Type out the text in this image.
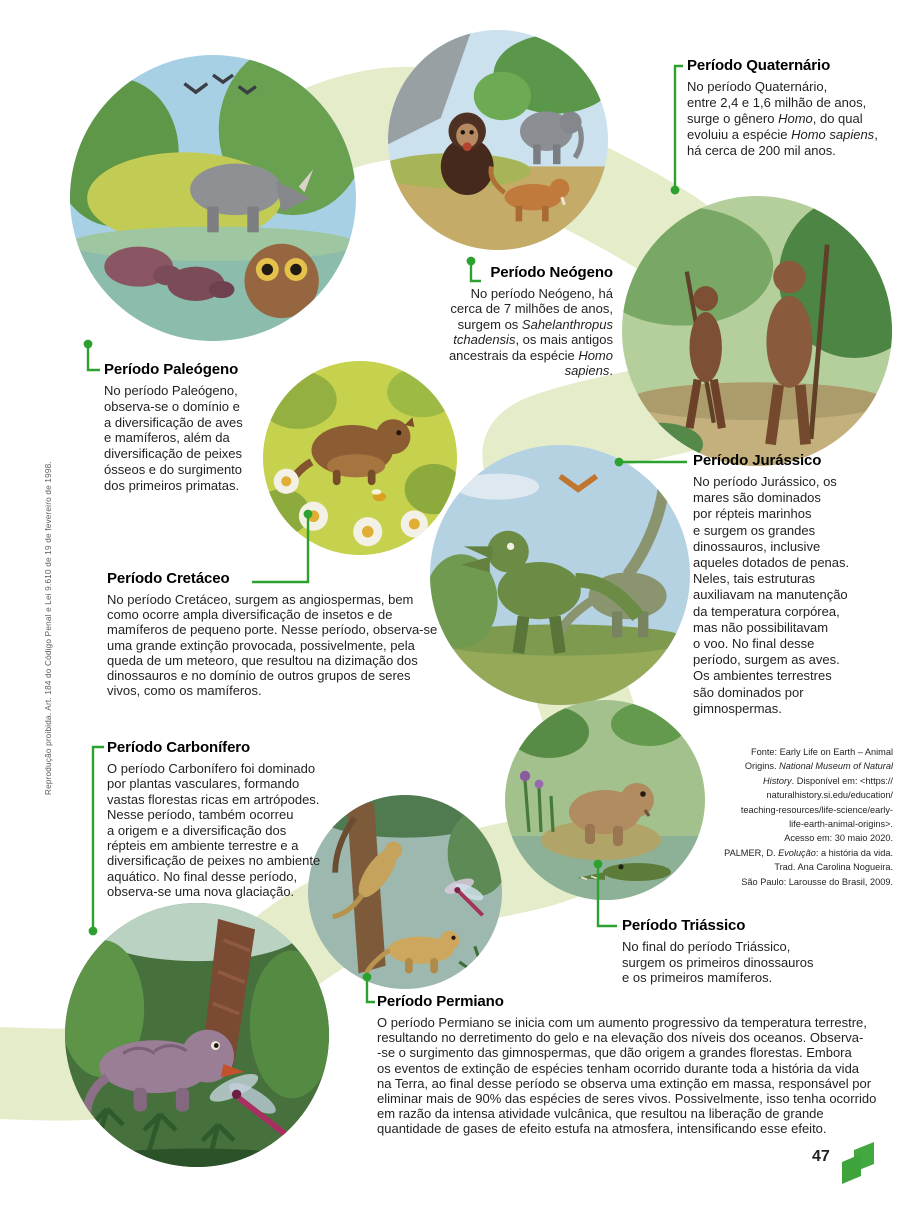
Período Quaternário

No período Quaternário,
entre 2,4 e 1,6 milhão de anos,
surge o gênero Homo, do qual
evoluiu a espécie Homo sapiens,
há cerca de 200 mil anos.

Período Neógeno

No período Neógeno, há
cerca de 7 milhões de anos,
surgem os Sahelanthropus
tchadensis, os mais antigos
ancestrais da espécie Homo
sapiens.

Período Paleógeno

No período Paleógeno,
observa-se o domínio e
a diversificação de aves
e mamíferos, além da
diversificação de peixes
ósseos e do surgimento
dos primeiros primatas.

Período Jurássico

No período Jurássico, os
mares são dominados
por répteis marinhos
e surgem os grandes
dinossauros, inclusive
aqueles dotados de penas.
Neles, tais estruturas
auxiliavam na manutenção
da temperatura corpórea,
mas não possibilitavam
o voo. No final desse
período, surgem as aves.
Os ambientes terrestres
são dominados por
gimnospermas.

Período Cretáceo

No período Cretáceo, surgem as angiospermas, bem
como ocorre ampla diversificação de insetos e de
mamíferos de pequeno porte. Nesse período, observa-se
uma grande extinção provocada, possivelmente, pela
queda de um meteoro, que resultou na dizimação dos
dinossauros e no domínio de outros grupos de seres
vivos, como os mamíferos.

Período Carbonífero

O período Carbonífero foi dominado
por plantas vasculares, formando
vastas florestas ricas em artrópodes.
Nesse período, também ocorreu
a origem e a diversificação dos
répteis em ambiente terrestre e a
diversificação de peixes no ambiente
aquático. No final desse período,
observa-se uma nova glaciação.

Período Triássico

No final do período Triássico,
surgem os primeiros dinossauros
e os primeiros mamíferos.

Período Permiano

O período Permiano se inicia com um aumento progressivo da temperatura terrestre,
resultando no derretimento do gelo e na elevação dos níveis dos oceanos. Observa-
-se o surgimento das gimnospermas, que dão origem a grandes florestas. Embora
os eventos de extinção de espécies tenham ocorrido durante toda a história da vida
na Terra, ao final desse período se observa uma extinção em massa, responsável por
eliminar mais de 90% das espécies de seres vivos. Possivelmente, isso tenha ocorrido
em razão da intensa atividade vulcânica, que resultou na liberação de grande
quantidade de gases de efeito estufa na atmosfera, intensificando esse efeito.

Fonte: Early Life on Earth – Animal
Origins. National Museum of Natural
History. Disponível em: <https://
naturalhistory.si.edu/education/
teaching-resources/life-science/early-
life-earth-animal-origins>.
Acesso em: 30 maio 2020.
PALMER, D. Evolução: a história da vida.
Trad. Ana Carolina Nogueira.
São Paulo: Larousse do Brasil, 2009.
Reprodução proibida. Art. 184 do Código Penal e Lei 9.610 de 19 de fevereiro de 1998.
47
